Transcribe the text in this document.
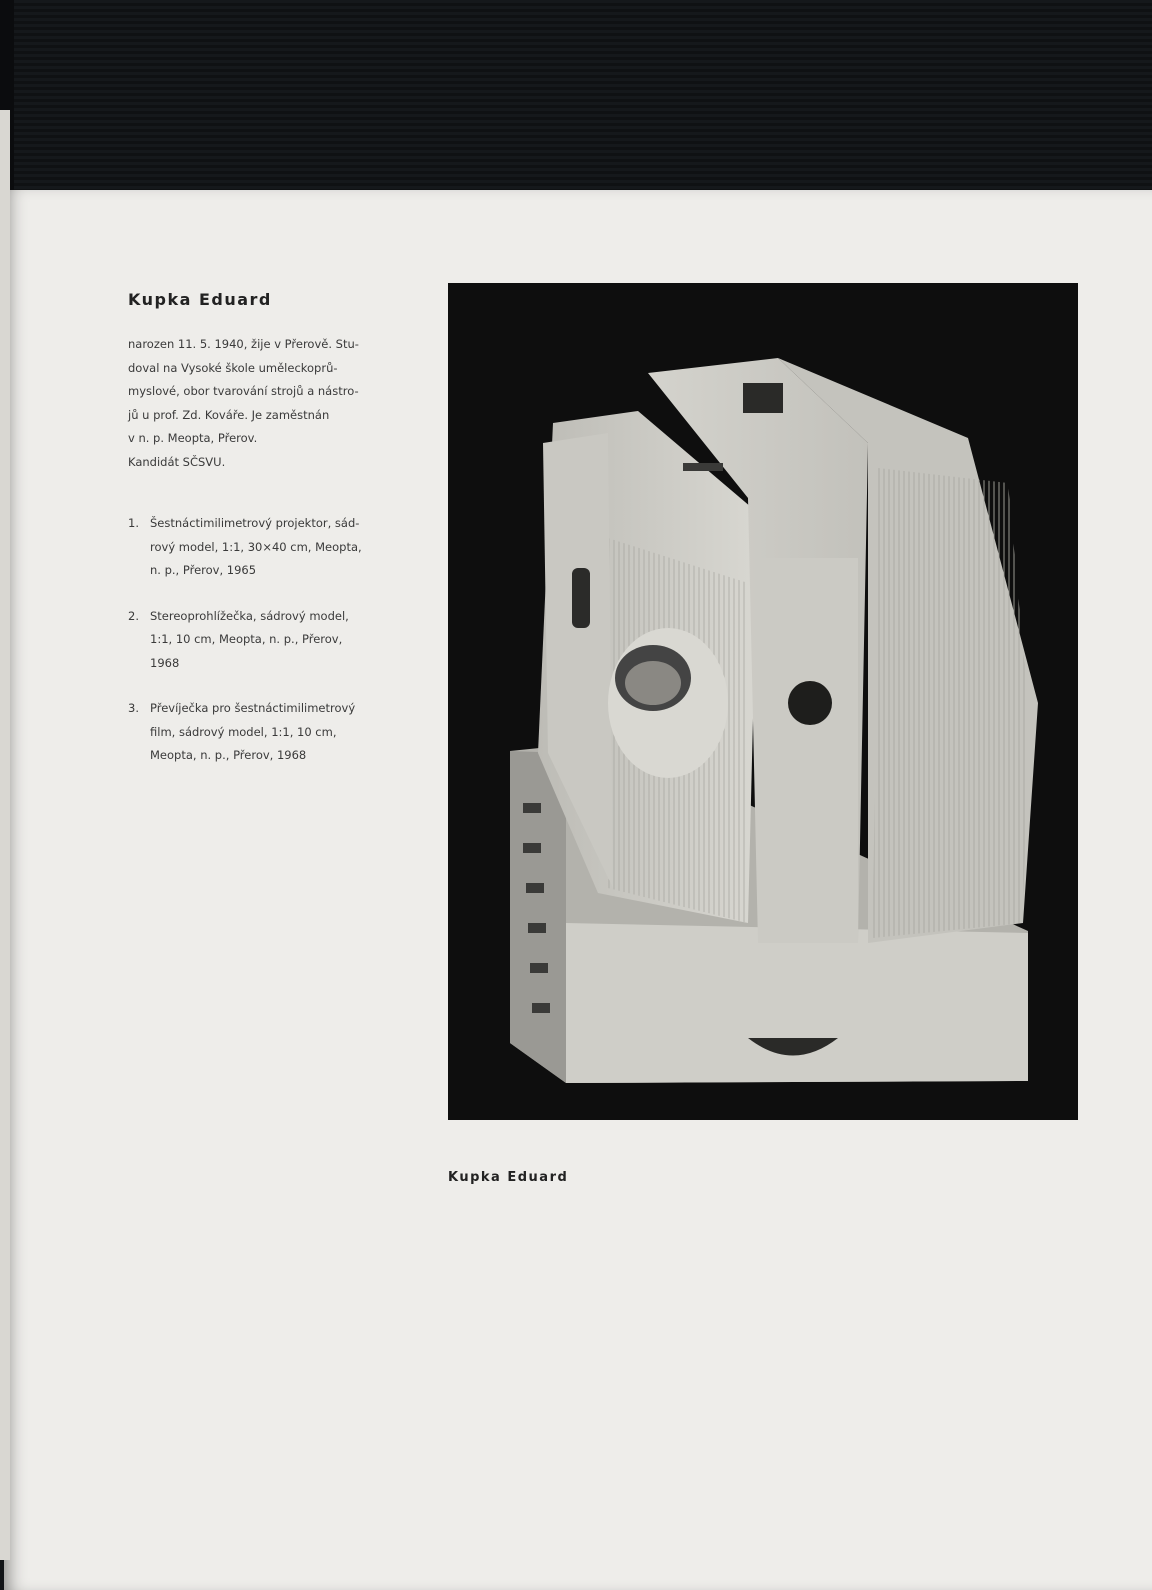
Kupka Eduard
narozen 11. 5. 1940, žije v Přerově. Stu-
doval na Vysoké škole uměleckoprů-
myslové, obor tvarování strojů a nástro-
jů u prof. Zd. Kováře. Je zaměstnán
v n. p. Meopta, Přerov.
Kandidát SČSVU.
1. Šestnáctimilimetrový projektor, sád-
rový model, 1:1, 30×40 cm, Meopta,
n. p., Přerov, 1965
2. Stereoprohlížečka, sádrový model,
1:1, 10 cm, Meopta, n. p., Přerov,
1968
3. Převíječka pro šestnáctimilimetrový
film, sádrový model, 1:1, 10 cm,
Meopta, n. p., Přerov, 1968
Kupka Eduard
